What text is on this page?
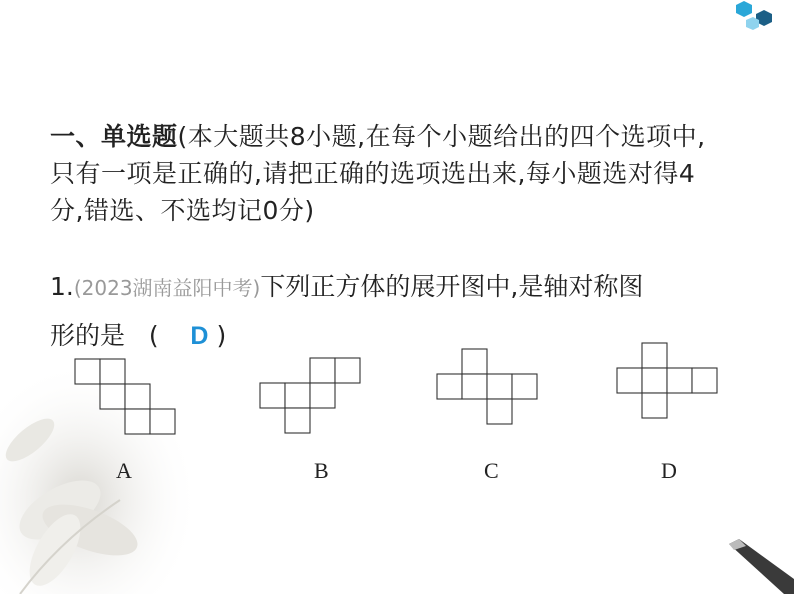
一、单选题(本大题共8小题,在每个小题给出的四个选项中,
只有一项是正确的,请把正确的选项选出来,每小题选对得4
分,错选、不选均记0分)
1.(2023湖南益阳中考)下列正方体的展开图中,是轴对称图
形的是 ( D )
A	B	C	D
